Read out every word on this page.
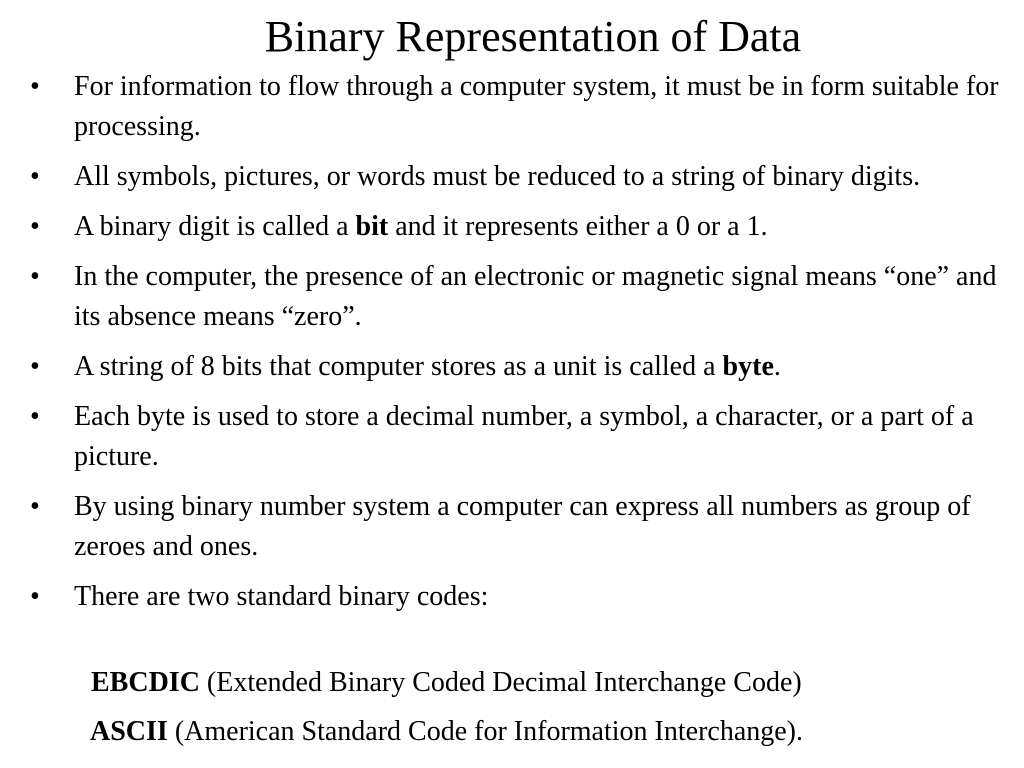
Binary Representation of Data
•	For information to flow through a computer system, it must be in form suitable for processing.
•	All symbols, pictures, or words must be reduced to a string of binary digits.
•	A binary digit is called a bit and it represents either a 0 or a 1.
•	In the computer, the presence of an electronic or magnetic signal means “one” and its absence means “zero”.
•	A string of 8 bits that computer stores as a unit is called a byte.
•	Each byte is used to store a decimal number, a symbol, a character, or a part of a picture.
•	By using binary number system a computer can express all numbers as group of zeroes and ones.
•	There are two standard binary codes:
EBCDIC (Extended Binary Coded Decimal Interchange Code)
ASCII (American Standard Code for Information Interchange).
